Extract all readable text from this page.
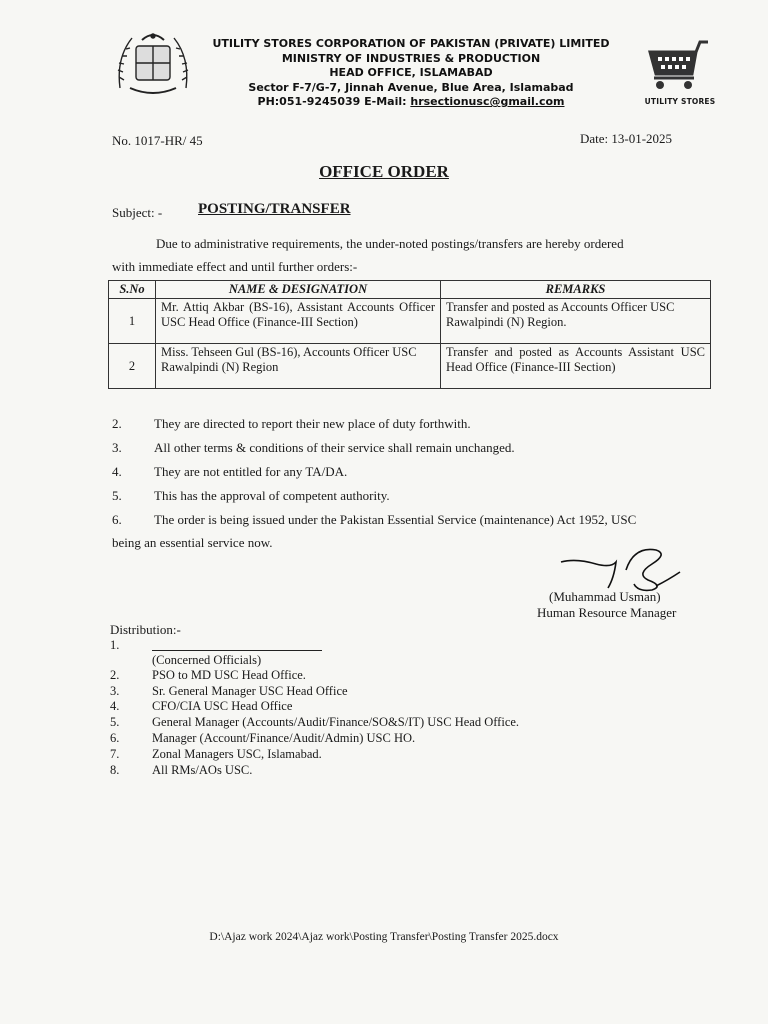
UTILITY STORES CORPORATION OF PAKISTAN (PRIVATE) LIMITED
MINISTRY OF INDUSTRIES & PRODUCTION
HEAD OFFICE, ISLAMABAD
Sector F-7/G-7, Jinnah Avenue, Blue Area, Islamabad
PH:051-9245039 E-Mail: hrsectionusc@gmail.com	UTILITY STORES
No. 1017-HR/ 45	Date: 13-01-2025
OFFICE ORDER
Subject: - POSTING/TRANSFER
Due to administrative requirements, the under-noted postings/transfers are hereby ordered
with immediate effect and until further orders:-
S.No	NAME & DESIGNATION	REMARKS
1	Mr. Attiq Akbar (BS-16), Assistant Accounts Officer USC Head Office (Finance-III Section)	Transfer and posted as Accounts Officer USC Rawalpindi (N) Region.
2	Miss. Tehseen Gul (BS-16), Accounts Officer USC Rawalpindi (N) Region	Transfer and posted as Accounts Assistant USC Head Office (Finance-III Section)
2. They are directed to report their new place of duty forthwith.
3. All other terms & conditions of their service shall remain unchanged.
4. They are not entitled for any TA/DA.
5. This has the approval of competent authority.
6. The order is being issued under the Pakistan Essential Service (maintenance) Act 1952, USC
being an essential service now.
(Muhammad Usman)
Human Resource Manager
Distribution:-
1.
(Concerned Officials)
2.	PSO to MD USC Head Office.
3.	Sr. General Manager USC Head Office
4.	CFO/CIA USC Head Office
5.	General Manager (Accounts/Audit/Finance/SO&S/IT) USC Head Office.
6.	Manager (Account/Finance/Audit/Admin) USC HO.
7.	Zonal Managers USC, Islamabad.
8.	All RMs/AOs USC.
D:\Ajaz work 2024\Ajaz work\Posting Transfer\Posting Transfer 2025.docx
